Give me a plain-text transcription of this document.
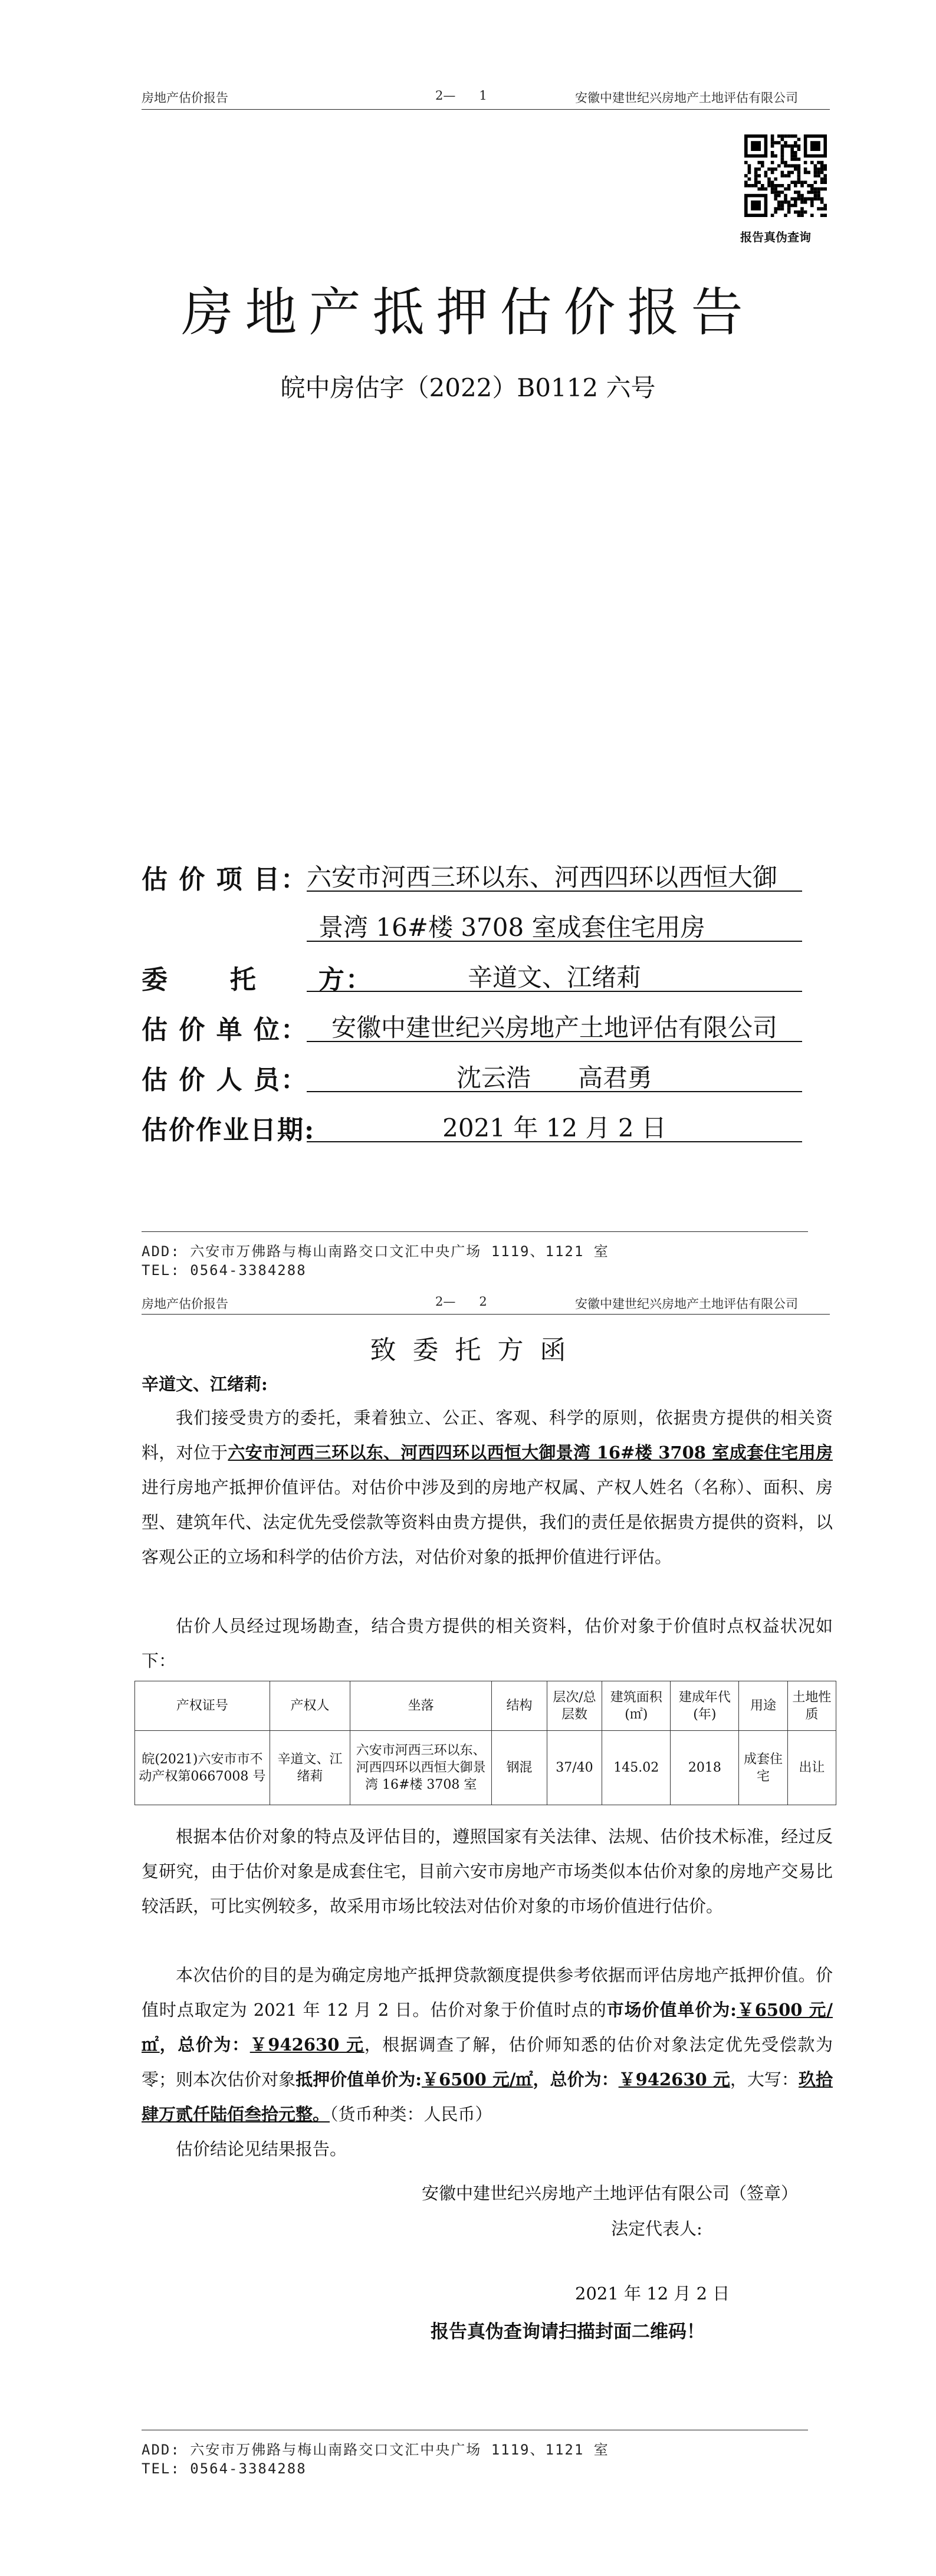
房地产估价报告	2—      1	安徽中建世纪兴房地产土地评估有限公司
报告真伪查询
房地产抵押估价报告
皖中房估字（2022）B0112 六号
估 价 项 目：
六安市河西三环以东、河西四环以西恒大御
景湾 16#楼 3708 室成套住宅用房
委      托      方：	辛道文、江绪莉
估 价 单 位： 安徽中建世纪兴房地产土地评估有限公司
估 价 人 员：	沈云浩      高君勇
估价作业日期:	2021 年 12 月 2 日
ADD: 六安市万佛路与梅山南路交口文汇中央广场 1119、1121 室
TEL: 0564-3384288
房地产估价报告	2—      2	安徽中建世纪兴房地产土地评估有限公司
致  委  托  方  函
辛道文、江绪莉:
我们接受贵方的委托，秉着独立、公正、客观、科学的原则，依据贵方提供的相关资料，对位于六安市河西三环以东、河西四环以西恒大御景湾 16#楼 3708 室成套住宅用房进行房地产抵押价值评估。对估价中涉及到的房地产权属、产权人姓名（名称）、面积、房型、建筑年代、法定优先受偿款等资料由贵方提供，我们的责任是依据贵方提供的资料，以客观公正的立场和科学的估价方法，对估价对象的抵押价值进行评估。
估价人员经过现场勘查，结合贵方提供的相关资料，估价对象于价值时点权益状况如下：
产权证号	产权人	坐落	结构	层次/总层数	建筑面积(㎡)	建成年代(年)	用途	土地性质
皖(2021)六安市市不动产权第0667008 号	辛道文、江绪莉	六安市河西三环以东、河西四环以西恒大御景湾 16#楼 3708 室	钢混	37/40	145.02	2018	成套住宅	出让
根据本估价对象的特点及评估目的，遵照国家有关法律、法规、估价技术标准，经过反复研究，由于估价对象是成套住宅，目前六安市房地产市场类似本估价对象的房地产交易比较活跃，可比实例较多，故采用市场比较法对估价对象的市场价值进行估价。
本次估价的目的是为确定房地产抵押贷款额度提供参考依据而评估房地产抵押价值。价值时点取定为 2021 年 12 月 2 日。估价对象于价值时点的市场价值单价为:￥6500 元/㎡，总价为：￥942630 元，根据调查了解，估价师知悉的估价对象法定优先受偿款为零；则本次估价对象抵押价值单价为:￥6500 元/㎡，总价为：￥942630 元，大写：玖拾肆万贰仟陆佰叁拾元整。（货币种类：人民币）
估价结论见结果报告。
安徽中建世纪兴房地产土地评估有限公司（签章）
法定代表人:
2021 年 12 月 2 日
报告真伪查询请扫描封面二维码！
ADD: 六安市万佛路与梅山南路交口文汇中央广场 1119、1121 室
TEL: 0564-3384288
